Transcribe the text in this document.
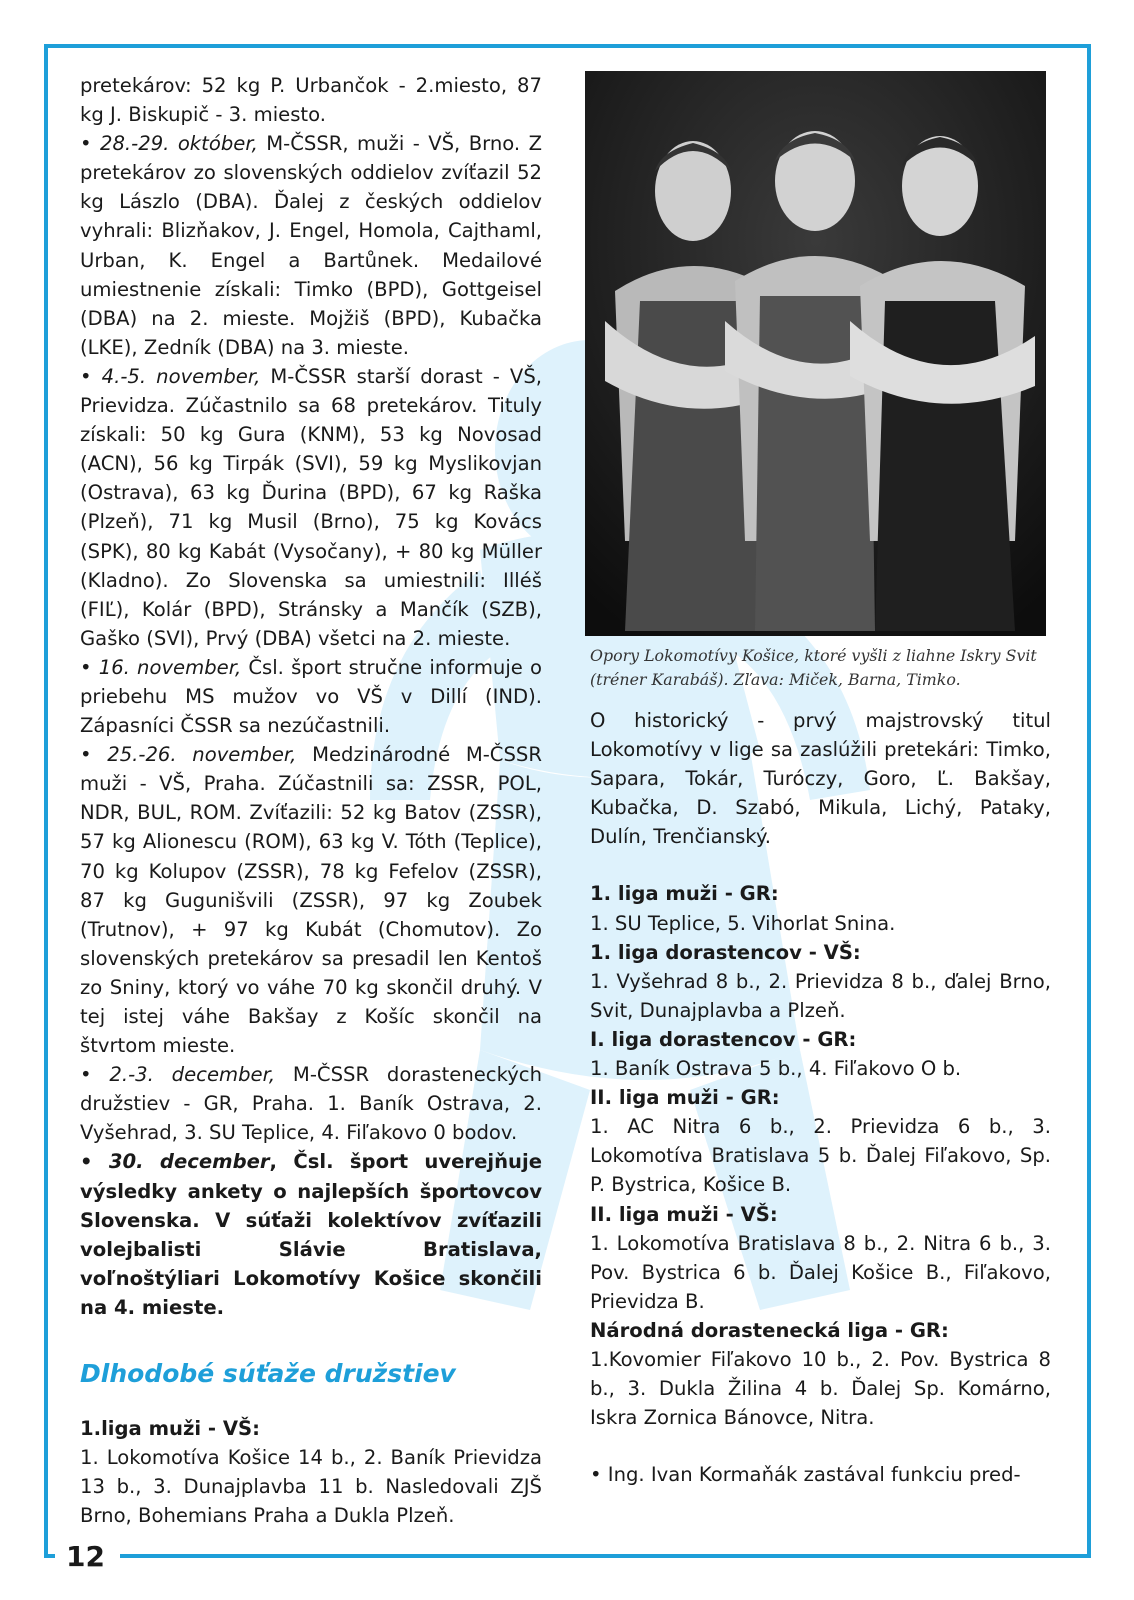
12

pretekárov: 52 kg P. Urbančok - 2.miesto, 87 kg J. Biskupič - 3. miesto.

• 28.-29. október, M-ČSSR, muži - VŠ, Brno. Z pretekárov zo slovenských oddielov zvíťazil 52 kg Lászlo (DBA). Ďalej z českých oddielov vyhrali: Blizňakov, J. Engel, Homola, Cajthaml, Urban, K. Engel a Bartůnek. Medailové umiestnenie získali: Timko (BPD), Gottgeisel (DBA) na 2. mieste. Mojžiš (BPD), Kubačka (LKE), Zedník (DBA) na 3. mieste.

• 4.-5. november, M-ČSSR starší dorast - VŠ, Prievidza. Zúčastnilo sa 68 pretekárov. Tituly získali: 50 kg Gura (KNM), 53 kg Novosad (ACN), 56 kg Tirpák (SVI), 59 kg Myslikovjan (Ostrava), 63 kg Ďurina (BPD), 67 kg Raška (Plzeň), 71 kg Musil (Brno), 75 kg Kovács (SPK), 80 kg Kabát (Vysočany), + 80 kg Müller (Kladno). Zo Slovenska sa umiestnili: Illéš (FIĽ), Kolár (BPD), Stránsky a Mančík (SZB), Gaško (SVI), Prvý (DBA) všetci na 2. mieste.

• 16. november, Čsl. šport stručne informuje o priebehu MS mužov vo VŠ v Dillí (IND). Zápasníci ČSSR sa nezúčastnili.

• 25.-26. november, Medzinárodné M-ČSSR muži - VŠ, Praha. Zúčastnili sa: ZSSR, POL, NDR, BUL, ROM. Zvíťazili: 52 kg Batov (ZSSR), 57 kg Alionescu (ROM), 63 kg V. Tóth (Teplice), 70 kg Kolupov (ZSSR), 78 kg Fefelov (ZSSR), 87 kg Gugunišvili (ZSSR), 97 kg Zoubek (Trutnov), + 97 kg Kubát (Chomutov). Zo slovenských pretekárov sa presadil len Kentoš zo Sniny, ktorý vo váhe 70 kg skončil druhý. V tej istej váhe Bakšay z Košíc skončil na štvrtom mieste.

• 2.-3. december, M-ČSSR dorasteneckých družstiev - GR, Praha. 1. Baník Ostrava, 2. Vyšehrad, 3. SU Teplice, 4. Fiľakovo 0 bodov.

• 30. december, Čsl. šport uverejňuje výsledky ankety o najlepších športovcov Slovenska. V súťaži kolektívov zvíťazili volejbalisti Slávie Bratislava, voľnoštýliari Lokomotívy Košice skončili na 4. mieste.

Dlhodobé súťaže družstiev

1.liga muži - VŠ:

1. Lokomotíva Košice 14 b., 2. Baník Prievidza 13 b., 3. Dunajplavba 11 b. Nasledovali ZJŠ Brno, Bohemians Praha a Dukla Plzeň.

Opory Lokomotívy Košice, ktoré vyšli z liahne Iskry Svit (tréner Karabáš). Zľava: Miček, Barna, Timko.

O historický - prvý majstrovský titul Lokomotívy v lige sa zaslúžili pretekári: Timko, Sapara, Tokár, Turóczy, Goro, Ľ. Bakšay, Kubačka, D. Szabó, Mikula, Lichý, Pataky, Dulín, Trenčianský.

1. liga muži - GR:

1. SU Teplice, 5. Vihorlat Snina.

1. liga dorastencov - VŠ:

1. Vyšehrad 8 b., 2. Prievidza 8 b., ďalej Brno, Svit, Dunajplavba a Plzeň.

I. liga dorastencov - GR:

1. Baník Ostrava 5 b., 4. Fiľakovo O b.

II. liga muži - GR:

1. AC Nitra 6 b., 2. Prievidza 6 b., 3. Lokomotíva Bratislava 5 b. Ďalej Fiľakovo, Sp. P. Bystrica, Košice B.

II. liga muži - VŠ:

1. Lokomotíva Bratislava 8 b., 2. Nitra 6 b., 3. Pov. Bystrica 6 b. Ďalej Košice B., Fiľakovo, Prievidza B.

Národná dorastenecká liga - GR:

1.Kovomier Fiľakovo 10 b., 2. Pov. Bystrica 8 b., 3. Dukla Žilina 4 b. Ďalej Sp. Komárno, Iskra Zornica Bánovce, Nitra.

• Ing. Ivan Kormaňák zastával funkciu pred-
